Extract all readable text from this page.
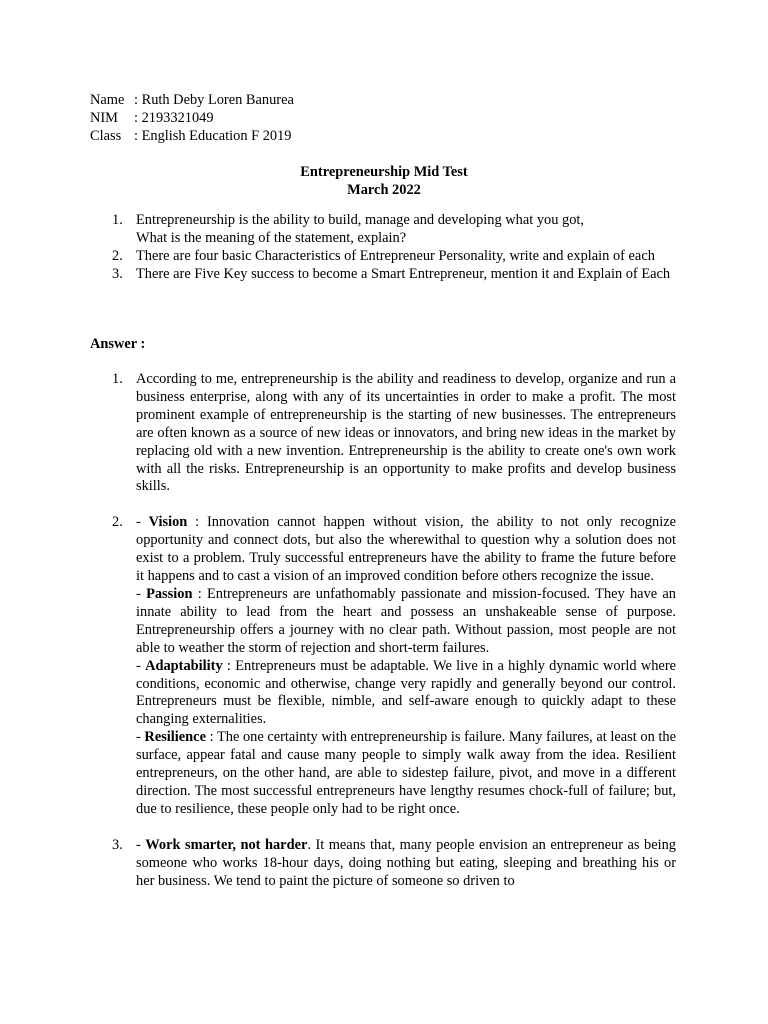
Name : Ruth Deby Loren Banurea
NIM	: 2193321049
Class : English Education F 2019
Entrepreneurship Mid Test
March 2022
1. Entrepreneurship is the ability to build, manage and developing what you got,
What is the meaning of the statement, explain?
2. There are four basic Characteristics of Entrepreneur Personality, write and explain of each
3. There are Five Key success to become a Smart Entrepreneur, mention it and Explain of Each
Answer :
1. According to me, entrepreneurship is the ability and readiness to develop, organize and run a business enterprise, along with any of its uncertainties in order to make a profit. The most prominent example of entrepreneurship is the starting of new businesses. The entrepreneurs are often known as a source of new ideas or innovators, and bring new ideas in the market by replacing old with a new invention. Entrepreneurship is the ability to create one's own work with all the risks. Entrepreneurship is an opportunity to make profits and develop business skills.
2. - Vision : Innovation cannot happen without vision, the ability to not only recognize opportunity and connect dots, but also the wherewithal to question why a solution does not exist to a problem. Truly successful entrepreneurs have the ability to frame the future before it happens and to cast a vision of an improved condition before others recognize the issue.
- Passion : Entrepreneurs are unfathomably passionate and mission-focused. They have an innate ability to lead from the heart and possess an unshakeable sense of purpose. Entrepreneurship offers a journey with no clear path. Without passion, most people are not able to weather the storm of rejection and short-term failures.
- Adaptability : Entrepreneurs must be adaptable. We live in a highly dynamic world where conditions, economic and otherwise, change very rapidly and generally beyond our control. Entrepreneurs must be flexible, nimble, and self-aware enough to quickly adapt to these changing externalities.
- Resilience : The one certainty with entrepreneurship is failure. Many failures, at least on the surface, appear fatal and cause many people to simply walk away from the idea. Resilient entrepreneurs, on the other hand, are able to sidestep failure, pivot, and move in a different direction. The most successful entrepreneurs have lengthy resumes chock-full of failure; but, due to resilience, these people only had to be right once.
3. - Work smarter, not harder. It means that, many people envision an entrepreneur as being someone who works 18-hour days, doing nothing but eating, sleeping and breathing his or her business. We tend to paint the picture of someone so driven to
